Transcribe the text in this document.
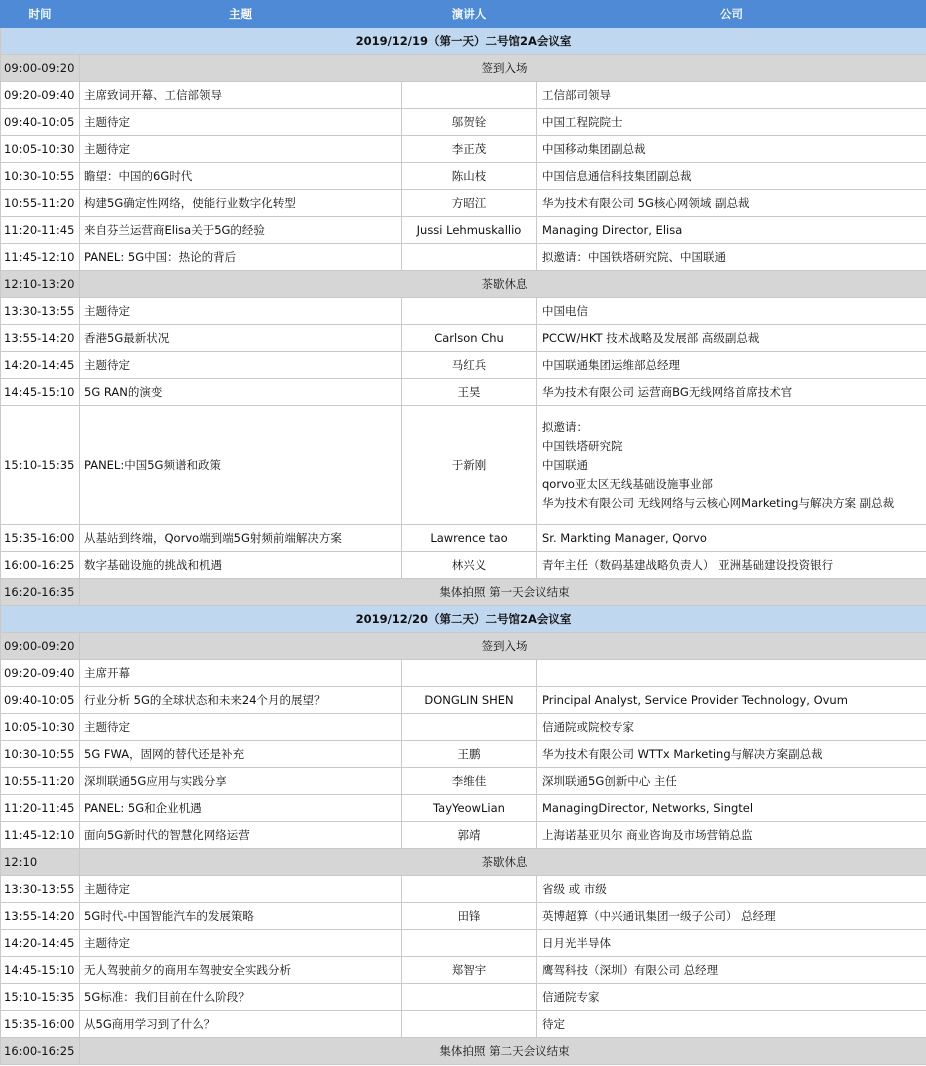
时间	主题	演讲人	公司
2019/12/19（第一天）二号馆2A会议室			
09:00-09:20	签到入场		
09:20-09:40	主席致词开幕、工信部领导		工信部司领导

09:40-10:05	主题待定	邬贺铨	中国工程院院士

10:05-10:30	主题待定	李正茂	中国移动集团副总裁

10:30-10:55	瞻望：中国的6G时代	陈山枝	中国信息通信科技集团副总裁

10:55-11:20	构建5G确定性网络，使能行业数字化转型	方昭江	华为技术有限公司 5G核心网领域 副总裁

11:20-11:45	来自芬兰运营商Elisa关于5G的经验	Jussi Lehmuskallio	Managing Director, Elisa

11:45-12:10	PANEL: 5G中国：热论的背后		拟邀请：中国铁塔研究院、中国联通

12:10-13:20	茶歇休息		
13:30-13:55	主题待定		中国电信

13:55-14:20	香港5G最新状况	Carlson Chu	PCCW/HKT 技术战略及发展部 高级副总裁

14:20-14:45	主题待定	马红兵	中国联通集团运维部总经理

14:45-15:10	5G RAN的演变	王昊	华为技术有限公司 运营商BG无线网络首席技术官

15:10-15:35	PANEL:中国5G频谱和政策	于新刚	拟邀请：
中国铁塔研究院
中国联通
qorvo亚太区无线基础设施事业部
华为技术有限公司 无线网络与云核心网Marketing与解决方案 副总裁

15:35-16:00	从基站到终端，Qorvo端到端5G射频前端解决方案	Lawrence tao	Sr. Markting Manager, Qorvo

16:00-16:25	数字基础设施的挑战和机遇	林兴义	青年主任（数码基建战略负责人） 亚洲基础建设投资银行

16:20-16:35	集体拍照 第一天会议结束		
2019/12/20（第二天）二号馆2A会议室			
09:00-09:20	签到入场		
09:20-09:40	主席开幕		

09:40-10:05	行业分析 5G的全球状态和未来24个月的展望？	DONGLIN SHEN	Principal Analyst, Service Provider Technology, Ovum

10:05-10:30	主题待定		信通院或院校专家

10:30-10:55	5G FWA，固网的替代还是补充	王鹏	华为技术有限公司 WTTx Marketing与解决方案副总裁

10:55-11:20	深圳联通5G应用与实践分享	李维佳	深圳联通5G创新中心 主任

11:20-11:45	PANEL: 5G和企业机遇	TayYeowLian	ManagingDirector, Networks, Singtel

11:45-12:10	面向5G新时代的智慧化网络运营	郭靖	上海诺基亚贝尔 商业咨询及市场营销总监

12:10	茶歇休息		
13:30-13:55	主题待定		省级 或 市级

13:55-14:20	5G时代-中国智能汽车的发展策略	田锋	英博超算（中兴通讯集团一级子公司） 总经理

14:20-14:45	主题待定		日月光半导体

14:45-15:10	无人驾驶前夕的商用车驾驶安全实践分析	郑智宇	鹰驾科技（深圳）有限公司 总经理

15:10-15:35	5G标准：我们目前在什么阶段？		信通院专家

15:35-16:00	从5G商用学习到了什么？		待定

16:00-16:25	集体拍照 第二天会议结束		
